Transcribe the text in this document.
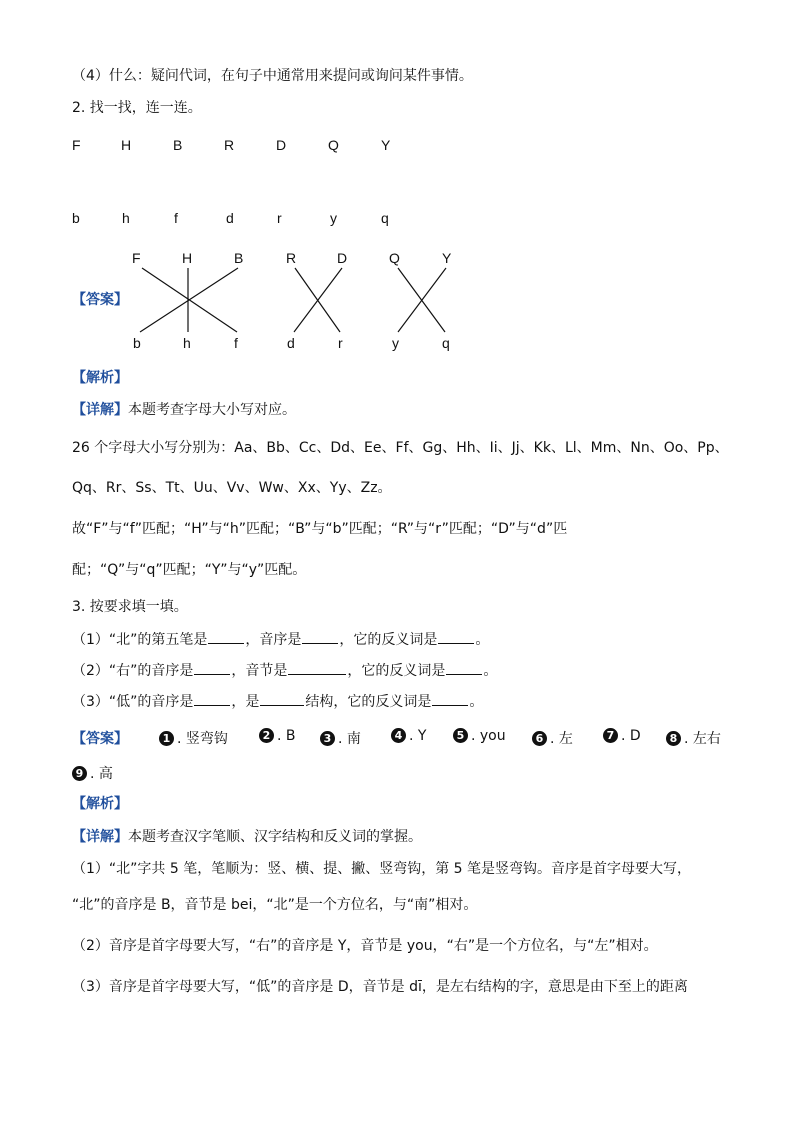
（4）什么：疑问代词，在句子中通常用来提问或询问某件事情。
2. 找一找，连一连。
F	H	B	R	D	Q	Y
b	h	f	d	r	y	q
【答案】
F	H	B	R	D	Q	Y
b	h	f	d	r	y	q
【解析】
【详解】本题考查字母大小写对应。
26 个字母大小写分别为：Aa、Bb、Cc、Dd、Ee、Ff、Gg、Hh、Ii、Jj、Kk、Ll、Mm、Nn、Oo、Pp、
Qq、Rr、Ss、Tt、Uu、Vv、Ww、Xx、Yy、Zz。
故“F”与“f”匹配；“H”与“h”匹配；“B”与“b”匹配；“R”与“r”匹配；“D”与“d”匹
配；“Q”与“q”匹配；“Y”与“y”匹配。
3. 按要求填一填。
（1）“北”的第五笔是	，音序是	，它的反义词是	。
（2）“右”的音序是	，音节是	，它的反义词是	。
（3）“低”的音序是	，是	结构，它的反义词是	。
【答案】	1 . 竖弯钩	2 . B	3 . 南	4 . Y	5 . you	6 . 左	7 . D	8 . 左右
9 . 高
【解析】
【详解】本题考查汉字笔顺、汉字结构和反义词的掌握。
（1）“北”字共 5 笔，笔顺为：竖、横、提、撇、竖弯钩，第 5 笔是竖弯钩。音序是首字母要大写，
“北”的音序是 B，音节是 bei，“北”是一个方位名，与“南”相对。
（2）音序是首字母要大写，“右”的音序是 Y，音节是 you，“右”是一个方位名，与“左”相对。
（3）音序是首字母要大写，“低”的音序是 D，音节是 dī，是左右结构的字，意思是由下至上的距离
